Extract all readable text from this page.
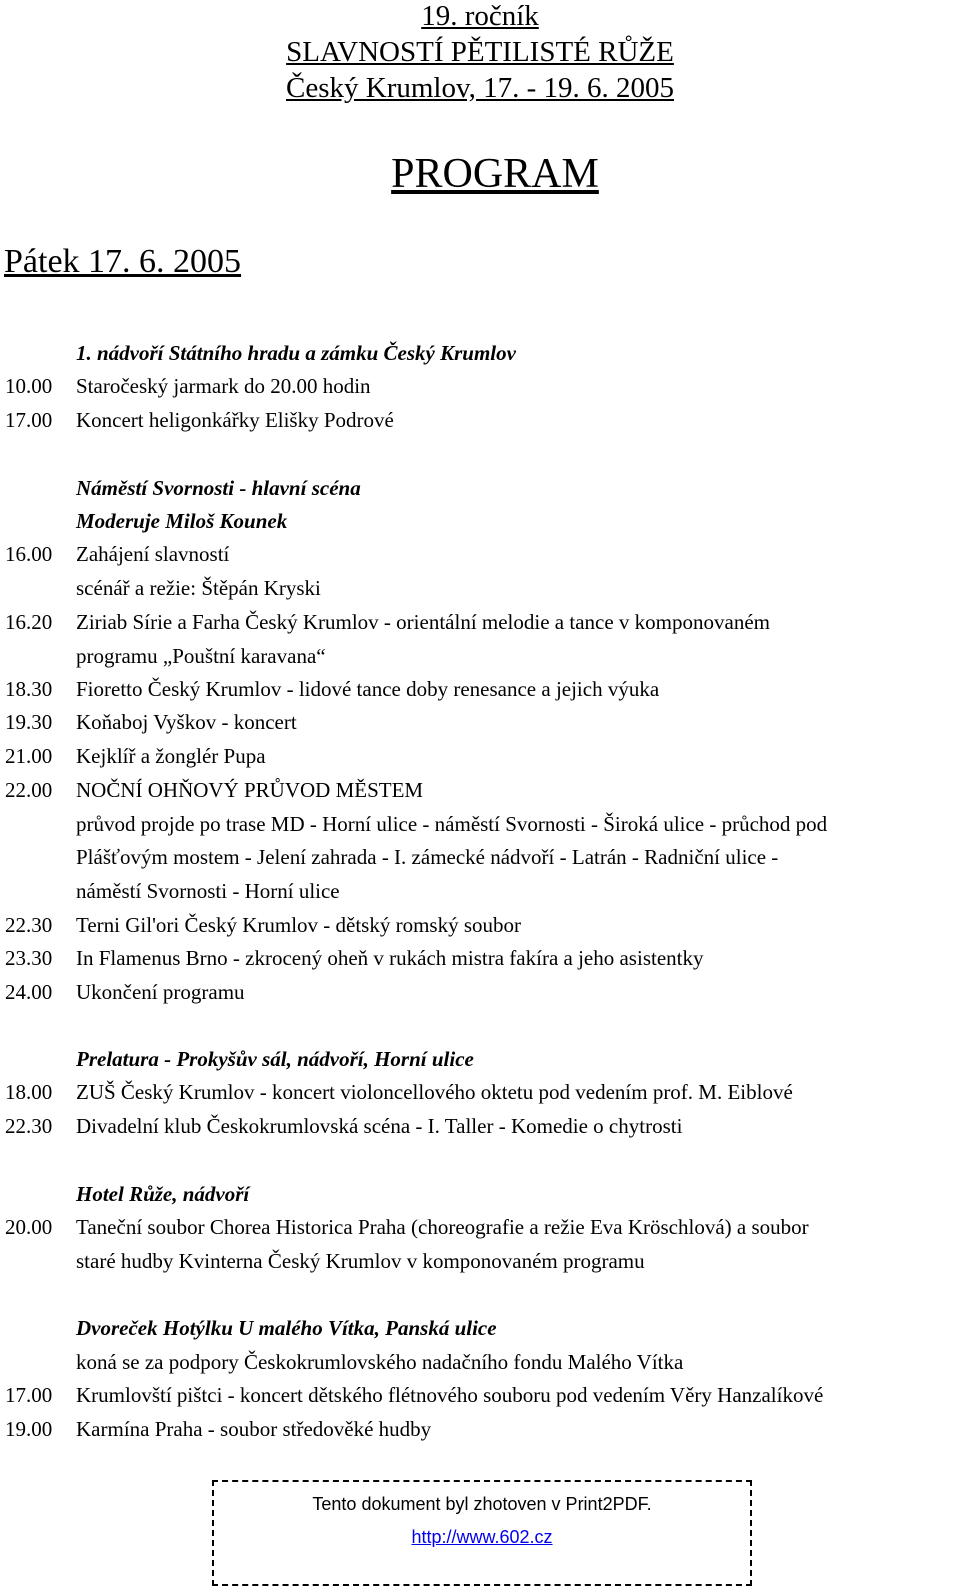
19. ročník
SLAVNOSTÍ PĚTILISTÉ RŮŽE
Český Krumlov, 17. - 19. 6. 2005
PROGRAM
Pátek 17. 6. 2005
1. nádvoří Státního hradu a zámku Český Krumlov
10.00 Staročeský jarmark do 20.00 hodin
17.00 Koncert heligonkářky Elišky Podrové
Náměstí Svornosti - hlavní scéna
Moderuje Miloš Kounek
16.00 Zahájení slavností
scénář a režie: Štěpán Kryski
16.20 Ziriab Sírie a Farha Český Krumlov - orientální melodie a tance v komponovaném
programu „Pouštní karavana“
18.30 Fioretto Český Krumlov - lidové tance doby renesance a jejich výuka
19.30 Koňaboj Vyškov - koncert
21.00 Kejklíř a žonglér Pupa
22.00 NOČNÍ OHŇOVÝ PRŮVOD MĚSTEM
průvod projde po trase MD - Horní ulice - náměstí Svornosti - Široká ulice - průchod pod
Plášťovým mostem - Jelení zahrada - I. zámecké nádvoří - Latrán - Radniční ulice -
náměstí Svornosti - Horní ulice
22.30 Terni Gil'ori Český Krumlov - dětský romský soubor
23.30 In Flamenus Brno - zkrocený oheň v rukách mistra fakíra a jeho asistentky
24.00 Ukončení programu
Prelatura - Prokyšův sál, nádvoří, Horní ulice
18.00 ZUŠ Český Krumlov - koncert violoncellového oktetu pod vedením prof. M. Eiblové
22.30 Divadelní klub Českokrumlovská scéna - I. Taller - Komedie o chytrosti
Hotel Růže, nádvoří
20.00 Taneční soubor Chorea Historica Praha (choreografie a režie Eva Kröschlová) a soubor
staré hudby Kvinterna Český Krumlov v komponovaném programu
Dvoreček Hotýlku U malého Vítka, Panská ulice
koná se za podpory Českokrumlovského nadačního fondu Malého Vítka
17.00 Krumlovští pištci - koncert dětského flétnového souboru pod vedením Věry Hanzalíkové
19.00 Karmína Praha - soubor středověké hudby
Tento dokument byl zhotoven v Print2PDF.
http://www.602.cz
